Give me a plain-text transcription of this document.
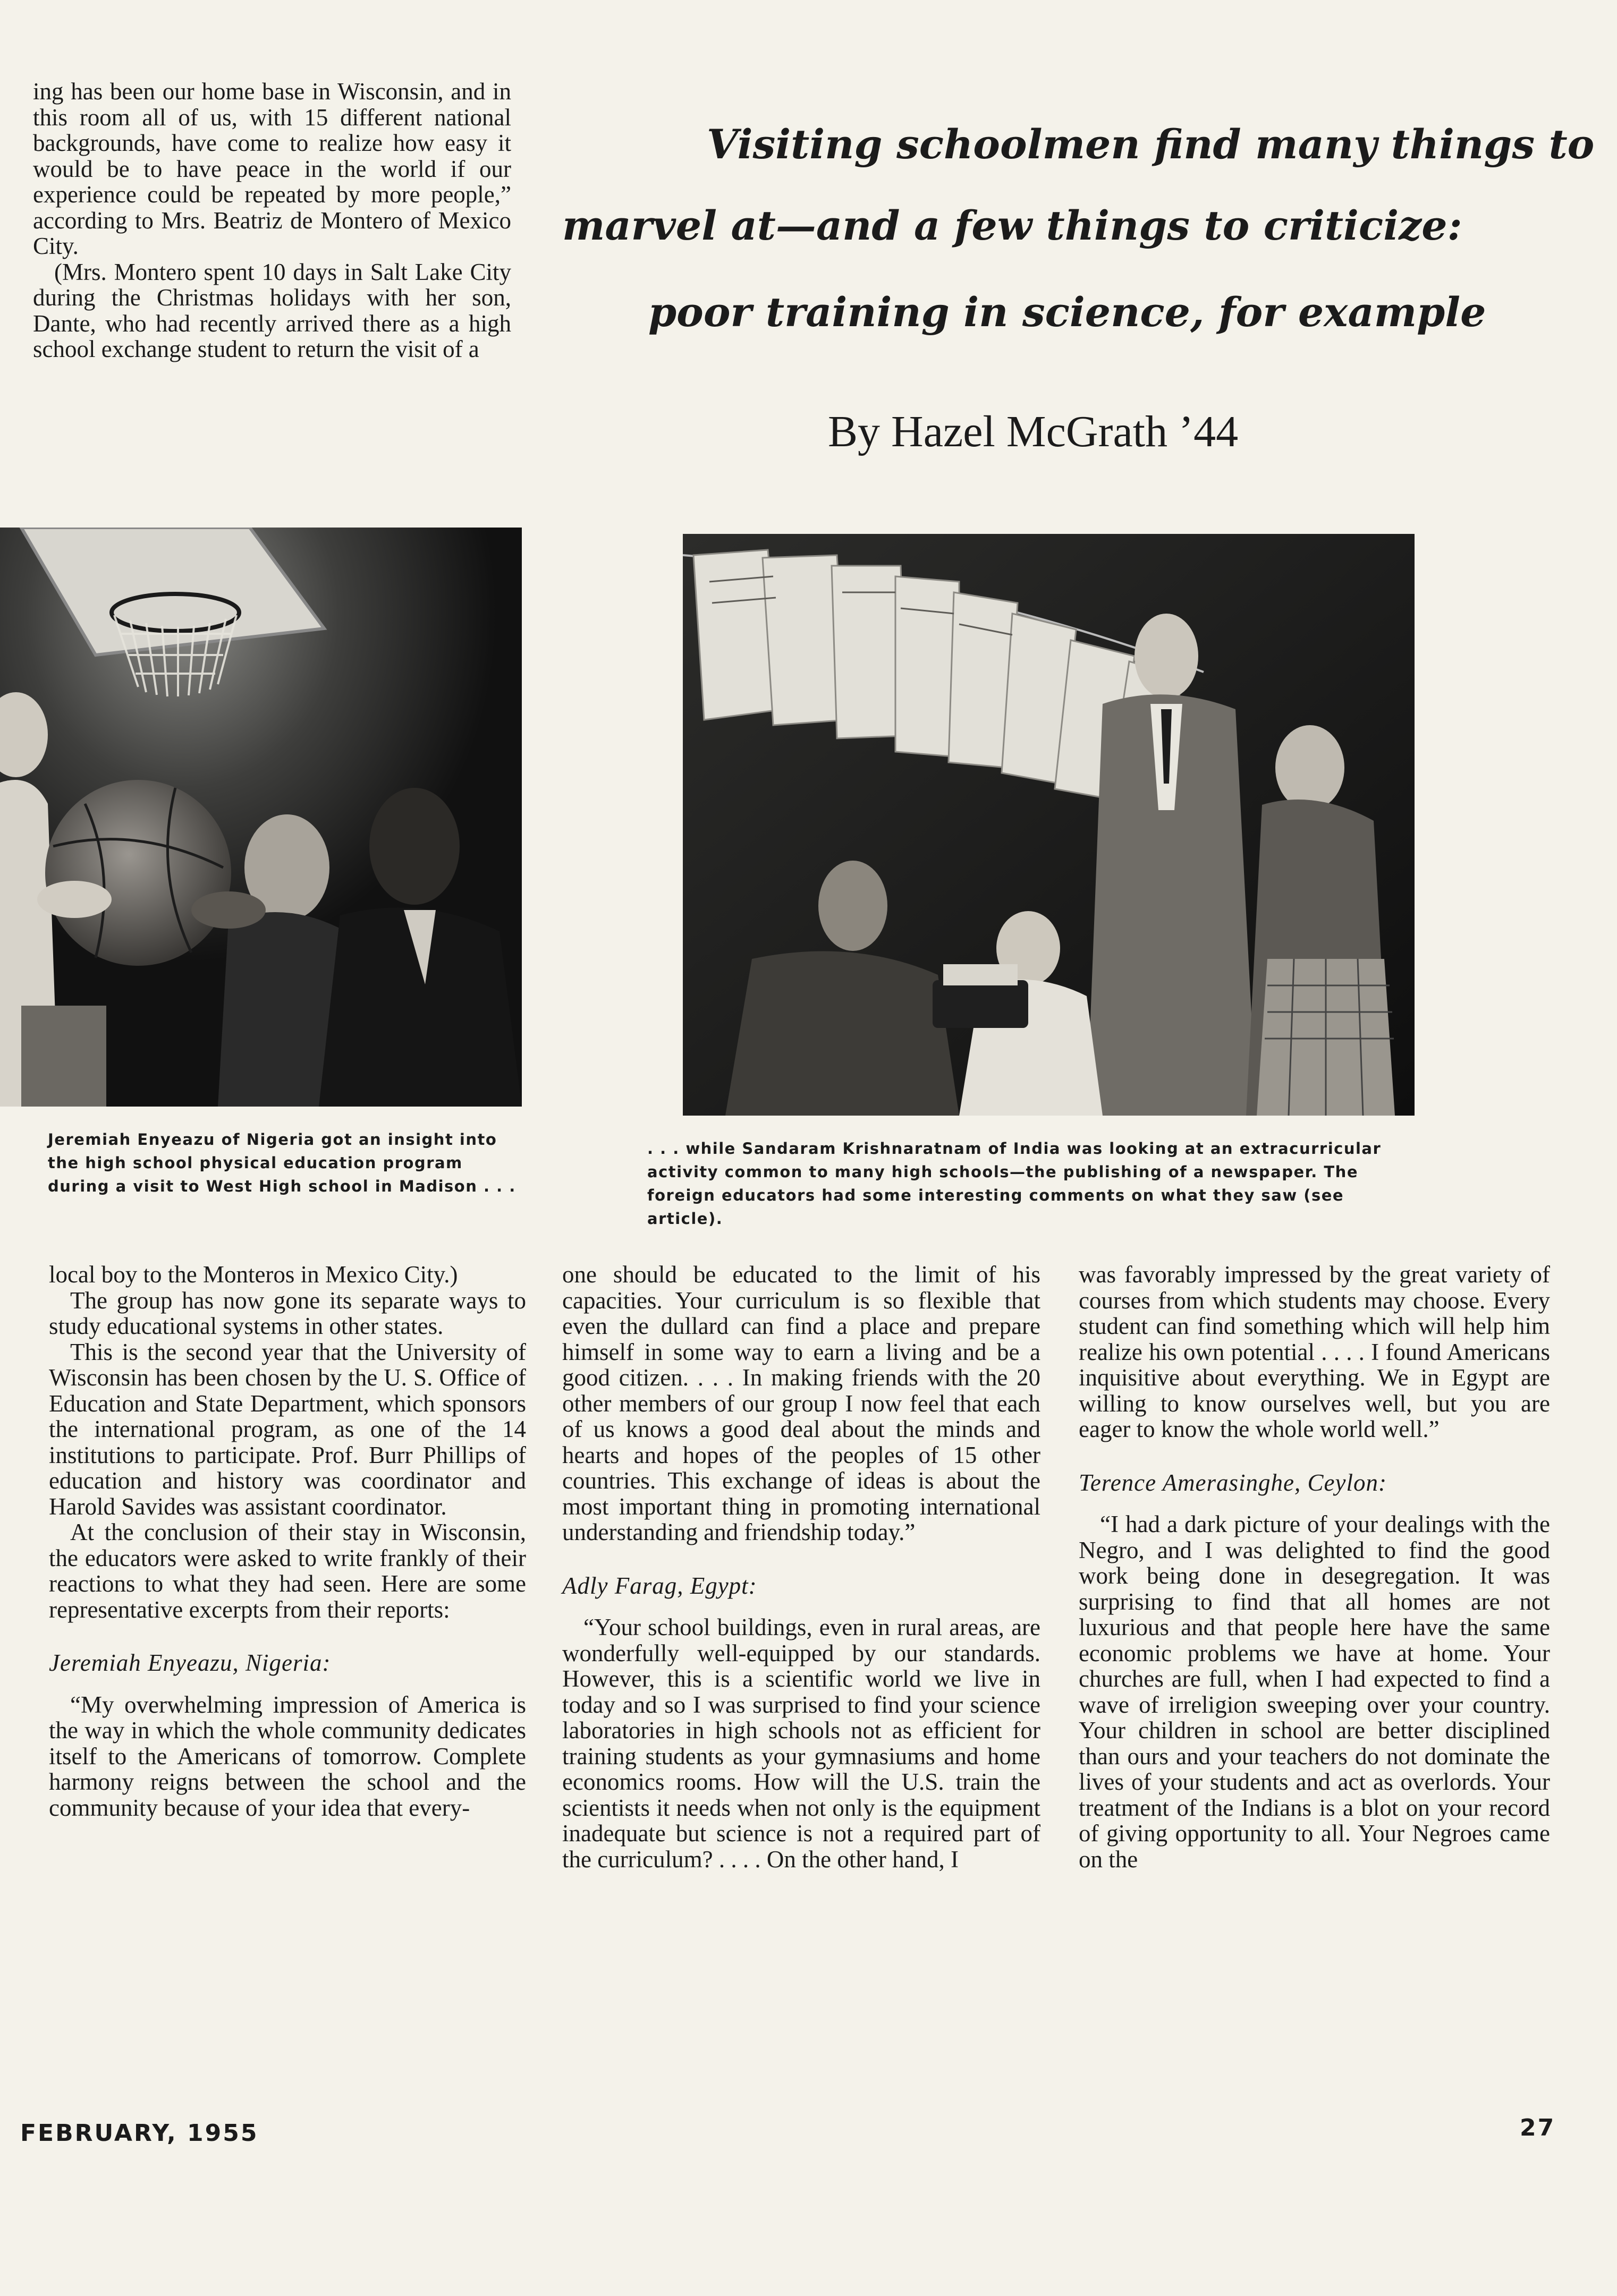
ing has been our home base in Wisconsin, and in this room all of us, with 15 different national backgrounds, have come to realize how easy it would be to have peace in the world if our experience could be repeated by more people,” according to Mrs. Beatriz de Montero of Mexico City.

(Mrs. Montero spent 10 days in Salt Lake City during the Christmas holidays with her son, Dante, who had recently arrived there as a high school exchange student to return the visit of a

Visiting schoolmen find many things to
marvel at—and a few things to criticize:
poor training in science, for example
By Hazel McGrath ’44

Jeremiah Enyeazu of Nigeria got an insight into the high school physical education program during a visit to West High school in Madison . . .

. . . while Sandaram Krishnaratnam of India was looking at an extracurricular activity common to many high schools—the publishing of a newspaper. The foreign educators had some interesting comments on what they saw (see article).

local boy to the Monteros in Mexico City.)

The group has now gone its separate ways to study educational systems in other states.

This is the second year that the University of Wisconsin has been chosen by the U. S. Office of Education and State Department, which sponsors the international program, as one of the 14 institutions to participate. Prof. Burr Phillips of education and history was coordinator and Harold Savides was assistant coordinator.

At the conclusion of their stay in Wisconsin, the educators were asked to write frankly of their reactions to what they had seen. Here are some representative excerpts from their reports:

Jeremiah Enyeazu, Nigeria:

“My overwhelming impression of America is the way in which the whole community dedicates itself to the Americans of tomorrow. Complete harmony reigns between the school and the community because of your idea that every-

one should be educated to the limit of his capacities. Your curriculum is so flexible that even the dullard can find a place and prepare himself in some way to earn a living and be a good citizen. . . . In making friends with the 20 other members of our group I now feel that each of us knows a good deal about the minds and hearts and hopes of the peoples of 15 other countries. This exchange of ideas is about the most important thing in promoting international understanding and friendship today.”

Adly Farag, Egypt:

“Your school buildings, even in rural areas, are wonderfully well-equipped by our standards. However, this is a scientific world we live in today and so I was surprised to find your science laboratories in high schools not as efficient for training students as your gymnasiums and home economics rooms. How will the U.S. train the scientists it needs when not only is the equipment inadequate but science is not a required part of the curriculum? . . . . On the other hand, I

was favorably impressed by the great variety of courses from which students may choose. Every student can find something which will help him realize his own potential . . . . I found Americans inquisitive about everything. We in Egypt are willing to know ourselves well, but you are eager to know the whole world well.”

Terence Amerasinghe, Ceylon:

“I had a dark picture of your dealings with the Negro, and I was delighted to find the good work being done in desegregation. It was surprising to find that all homes are not luxurious and that people here have the same economic problems we have at home. Your churches are full, when I had expected to find a wave of irreligion sweeping over your country. Your children in school are better disciplined than ours and your teachers do not dominate the lives of your students and act as overlords. Your treatment of the Indians is a blot on your record of giving opportunity to all. Your Negroes came on the

FEBRUARY, 1955	27
